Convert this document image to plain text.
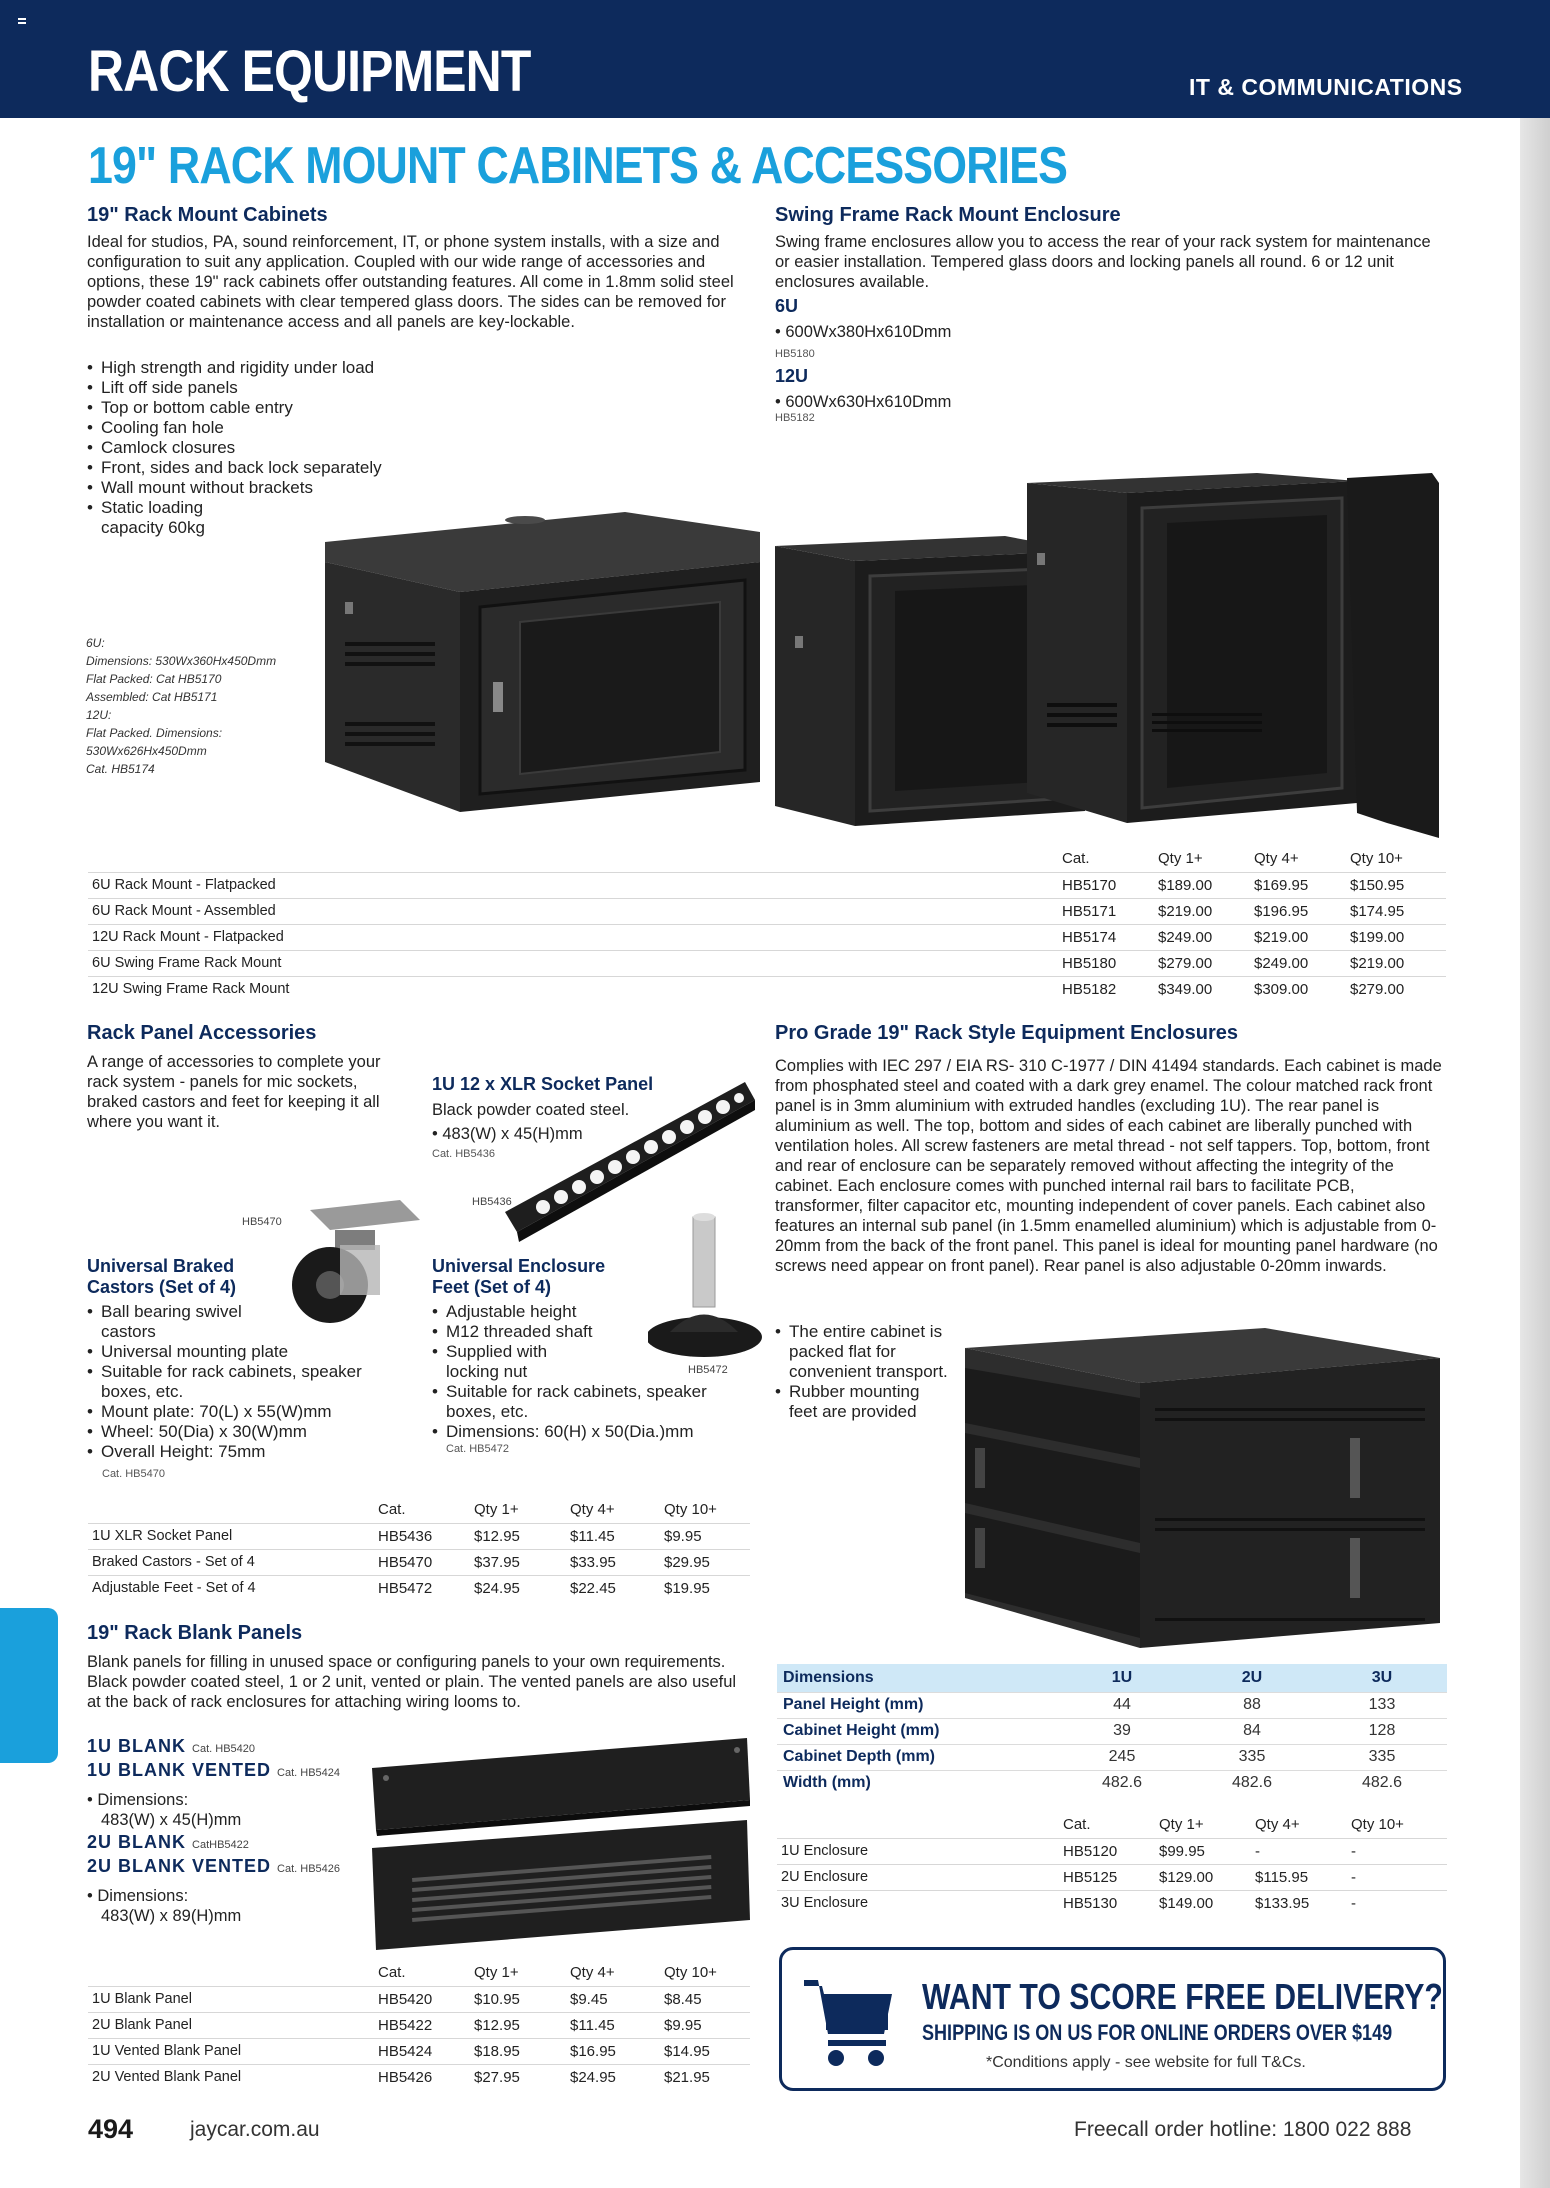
RACK EQUIPMENT	IT & COMMUNICATIONS
19" RACK MOUNT CABINETS & ACCESSORIES
19" Rack Mount Cabinets
Ideal for studios, PA, sound reinforcement, IT, or phone system installs, with a size and configuration to suit any application. Coupled with our wide range of accessories and options, these 19" rack cabinets offer outstanding features. All come in 1.8mm solid steel powder coated cabinets with clear tempered glass doors. The sides can be removed for installation or maintenance access and all panels are key-lockable.
• High strength and rigidity under load
• Lift off side panels
• Top or bottom cable entry
• Cooling fan hole
• Camlock closures
• Front, sides and back lock separately
• Wall mount without brackets
• Static loading capacity 60kg
6U:
Dimensions: 530Wx360Hx450Dmm
Flat Packed: Cat HB5170
Assembled: Cat HB5171
12U:
Flat Packed. Dimensions:
530Wx626Hx450Dmm
Cat. HB5174
Swing Frame Rack Mount Enclosure
Swing frame enclosures allow you to access the rear of your rack system for maintenance or easier installation. Tempered glass doors and locking panels all round. 6 or 12 unit enclosures available.
6U
• 600Wx380Hx610Dmm
HB5180
12U
• 600Wx630Hx610Dmm
HB5182
	Cat.	Qty 1+	Qty 4+	Qty 10+
6U Rack Mount - Flatpacked	HB5170	$189.00	$169.95	$150.95
6U Rack Mount - Assembled	HB5171	$219.00	$196.95	$174.95
12U Rack Mount - Flatpacked	HB5174	$249.00	$219.00	$199.00
6U Swing Frame Rack Mount	HB5180	$279.00	$249.00	$219.00
12U Swing Frame Rack Mount	HB5182	$349.00	$309.00	$279.00
Rack Panel Accessories
A range of accessories to complete your rack system - panels for mic sockets, braked castors and feet for keeping it all where you want it.
1U 12 x XLR Socket Panel
Black powder coated steel.
• 483(W) x 45(H)mm
Cat. HB5436
HB5436
HB5470
Universal Braked
Castors (Set of 4)
• Ball bearing swivel castors
• Universal mounting plate
• Suitable for rack cabinets, speaker boxes, etc.
• Mount plate: 70(L) x 55(W)mm
• Wheel: 50(Dia) x 30(W)mm
• Overall Height: 75mm
Cat. HB5470
Universal Enclosure
Feet (Set of 4)
• Adjustable height
• M12 threaded shaft
• Supplied with locking nut
• Suitable for rack cabinets, speaker boxes, etc.
• Dimensions: 60(H) x 50(Dia.)mm
Cat. HB5472
HB5472
	Cat.	Qty 1+	Qty 4+	Qty 10+
1U XLR Socket Panel	HB5436	$12.95	$11.45	$9.95
Braked Castors - Set of 4	HB5470	$37.95	$33.95	$29.95
Adjustable Feet - Set of 4	HB5472	$24.95	$22.45	$19.95
19" Rack Blank Panels
Blank panels for filling in unused space or configuring panels to your own requirements. Black powder coated steel, 1 or 2 unit, vented or plain. The vented panels are also useful at the back of rack enclosures for attaching wiring looms to.
1U BLANK Cat. HB5420
1U BLANK VENTED Cat. HB5424
• Dimensions:
483(W) x 45(H)mm
2U BLANK CatHB5422
2U BLANK VENTED Cat. HB5426
• Dimensions:
483(W) x 89(H)mm
	Cat.	Qty 1+	Qty 4+	Qty 10+
1U Blank Panel	HB5420	$10.95	$9.45	$8.45
2U Blank Panel	HB5422	$12.95	$11.45	$9.95
1U Vented Blank Panel	HB5424	$18.95	$16.95	$14.95
2U Vented Blank Panel	HB5426	$27.95	$24.95	$21.95
Pro Grade 19" Rack Style Equipment Enclosures
Complies with IEC 297 / EIA RS- 310 C-1977 / DIN 41494 standards. Each cabinet is made from phosphated steel and coated with a dark grey enamel. The colour matched rack front panel is in 3mm aluminium with extruded handles (excluding 1U). The rear panel is aluminium as well. The top, bottom and sides of each cabinet are liberally punched with ventilation holes. All screw fasteners are metal thread - not self tappers. Top, bottom, front and rear of enclosure can be separately removed without affecting the integrity of the cabinet. Each enclosure comes with punched internal rail bars to facilitate PCB, transformer, filter capacitor etc, mounting independent of cover panels. Each cabinet also features an internal sub panel (in 1.5mm enamelled aluminium) which is adjustable from 0-20mm from the back of the front panel. This panel is ideal for mounting panel hardware (no screws need appear on front panel). Rear panel is also adjustable 0-20mm inwards.
• The entire cabinet is packed flat for convenient transport.
• Rubber mounting feet are provided
Dimensions	1U	2U	3U
Panel Height (mm)	44	88	133
Cabinet Height (mm)	39	84	128
Cabinet Depth (mm)	245	335	335
Width (mm)	482.6	482.6	482.6
	Cat.	Qty 1+	Qty 4+	Qty 10+
1U Enclosure	HB5120	$99.95	-	-
2U Enclosure	HB5125	$129.00	$115.95	-
3U Enclosure	HB5130	$149.00	$133.95	-
WANT TO SCORE FREE DELIVERY?
SHIPPING IS ON US FOR ONLINE ORDERS OVER $149
*Conditions apply - see website for full T&Cs.
494	jaycar.com.au	Freecall order hotline: 1800 022 888
